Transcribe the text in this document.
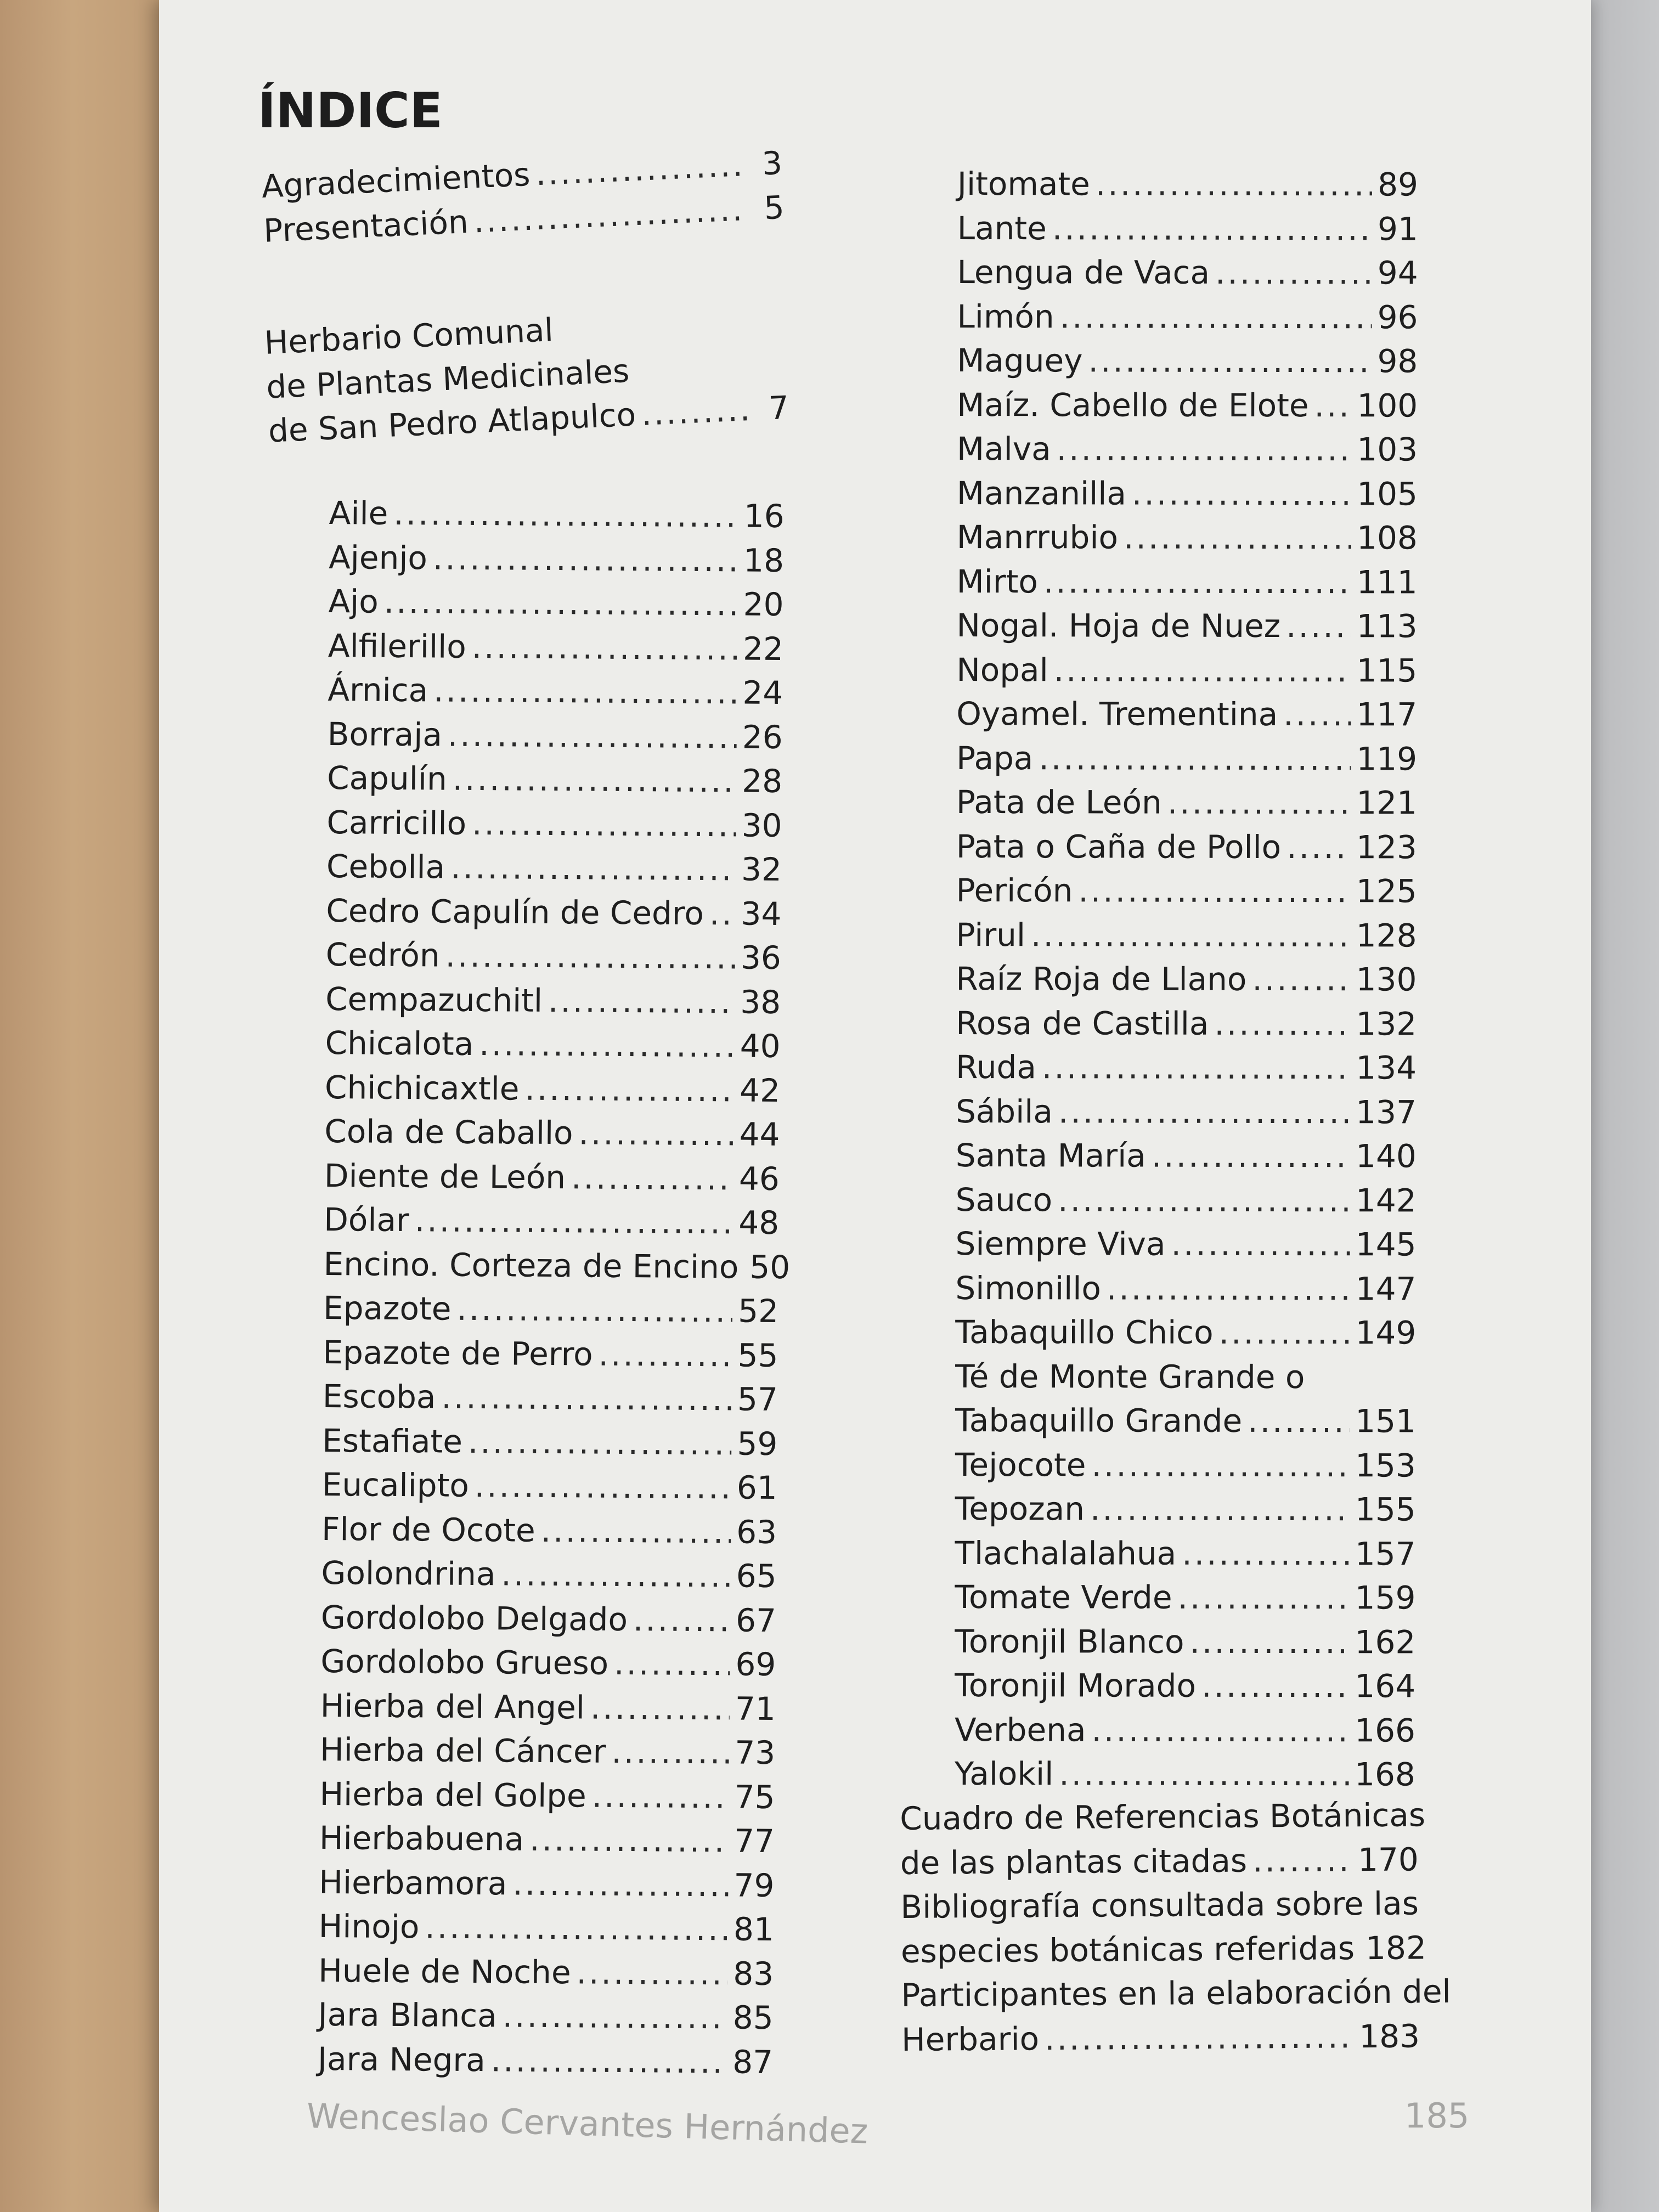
ÍNDICE
Agradecimientos .....	3
Presentación .....	5
Herbario Comunal
de Plantas Medicinales
de San Pedro Atlapulco .....	7
Aile .....	16
Ajenjo .....	18
Ajo .....	20
Alfilerillo .....	22
Árnica .....	24
Borraja .....	26
Capulín .....	28
Carricillo .....	30
Cebolla .....	32
Cedro Capulín de Cedro ..... 34
Cedrón .....	36
Cempazuchitl .....	38
Chicalota .....	40
Chichicaxtle .....	42
Cola de Caballo .....	44
Diente de León .....	46
Dólar .....	48
Encino. Corteza de Encino ..... 50
Epazote .....	52
Epazote de Perro .....	55
Escoba .....	57
Estafiate .....	59
Eucalipto .....	61
Flor de Ocote .....	63
Golondrina .....	65
Gordolobo Delgado .....	67
Gordolobo Grueso .....	69
Hierba del Angel .....	71
Hierba del Cáncer .....	73
Hierba del Golpe .....	75
Hierbabuena .....	77
Hierbamora .....	79
Hinojo .....	81
Huele de Noche .....	83
Jara Blanca .....	85
Jara Negra .....	87
Jitomate .....	89
Lante .....	91
Lengua de Vaca .....	94
Limón .....	96
Maguey .....	98
Maíz. Cabello de Elote ..... 100
Malva .....	103
Manzanilla .....	105
Manrrubio .....	108
Mirto .....	111
Nogal. Hoja de Nuez ..... 113
Nopal .....	115
Oyamel. Trementina ..... 117
Papa .....	119
Pata de León .....	121
Pata o Caña de Pollo ..... 123
Pericón .....	125
Pirul .....	128
Raíz Roja de Llano .....	130
Rosa de Castilla .....	132
Ruda .....	134
Sábila .....	137
Santa María .....	140
Sauco .....	142
Siempre Viva .....	145
Simonillo .....	147
Tabaquillo Chico .....	149
Té de Monte Grande o
Tabaquillo Grande .....	151
Tejocote .....	153
Tepozan .....	155
Tlachalalahua .....	157
Tomate Verde .....	159
Toronjil Blanco .....	162
Toronjil Morado .....	164
Verbena .....	166
Yalokil .....	168
Cuadro de Referencias Botánicas
de las plantas citadas .....	170
Bibliografía consultada sobre las
especies botánicas referidas ..... 182
Participantes en la elaboración del
Herbario .....	183
Wenceslao Cervantes Hernández	185
